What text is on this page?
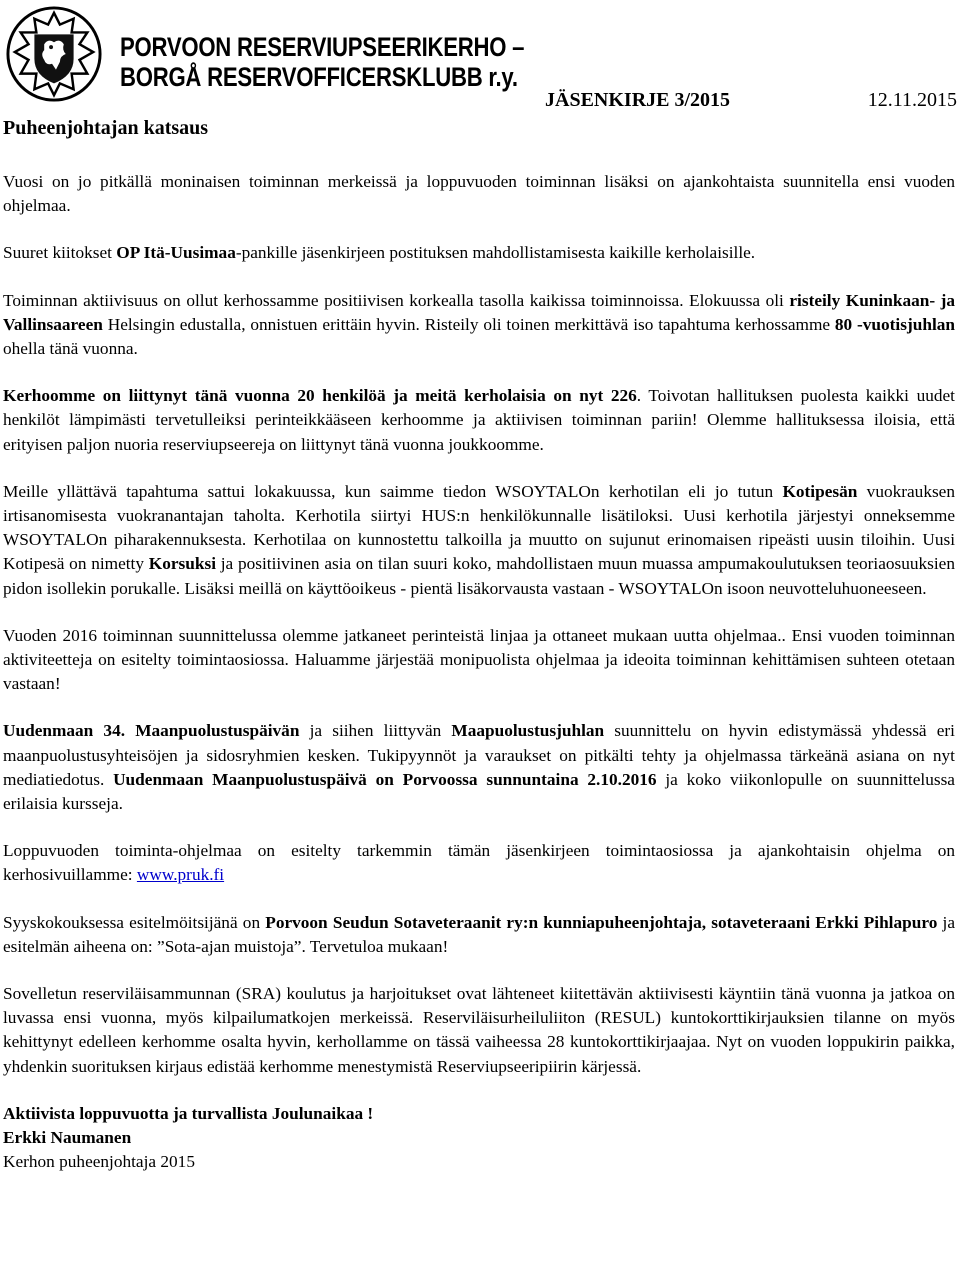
PORVOON RESERVIUPSEERIKERHO –
BORGÅ RESERVOFFICERSKLUBB r.y.
JÄSENKIRJE 3/2015	12.11.2015
Puheenjohtajan katsaus

Vuosi on jo pitkällä moninaisen toiminnan merkeissä ja loppuvuoden toiminnan lisäksi on ajankohtaista suunnitella ensi vuoden ohjelmaa.

Suuret kiitokset OP Itä-Uusimaa-pankille jäsenkirjeen postituksen mahdollistamisesta kaikille kerholaisille.

Toiminnan aktiivisuus on ollut kerhossamme positiivisen korkealla tasolla kaikissa toiminnoissa. Elokuussa oli risteily Kuninkaan- ja Vallinsaareen Helsingin edustalla, onnistuen erittäin hyvin. Risteily oli toinen merkittävä iso tapahtuma kerhossamme 80 -vuotisjuhlan ohella tänä vuonna.

Kerhoomme on liittynyt tänä vuonna 20 henkilöä ja meitä kerholaisia on nyt 226. Toivotan hallituksen puolesta kaikki uudet henkilöt lämpimästi tervetulleiksi perinteikkääseen kerhoomme ja aktiivisen toiminnan pariin! Olemme hallituksessa iloisia, että erityisen paljon nuoria reserviupseereja on liittynyt tänä vuonna joukkoomme.

Meille yllättävä tapahtuma sattui lokakuussa, kun saimme tiedon WSOYTALOn kerhotilan eli jo tutun Kotipesän vuokrauksen irtisanomisesta vuokranantajan taholta. Kerhotila siirtyi HUS:n henkilökunnalle lisätiloksi. Uusi kerhotila järjestyi onneksemme WSOYTALOn piharakennuksesta. Kerhotilaa on kunnostettu talkoilla ja muutto on sujunut erinomaisen ripeästi uusin tiloihin. Uusi Kotipesä on nimetty Korsuksi ja positiivinen asia on tilan suuri koko, mahdollistaen muun muassa ampumakoulutuksen teoriaosuuksien pidon isollekin porukalle. Lisäksi meillä on käyttöoikeus - pientä lisäkorvausta vastaan - WSOYTALOn isoon neuvotteluhuoneeseen.

Vuoden 2016 toiminnan suunnittelussa olemme jatkaneet perinteistä linjaa ja ottaneet mukaan uutta ohjelmaa.. Ensi vuoden toiminnan aktiviteetteja on esitelty toimintaosiossa. Haluamme järjestää monipuolista ohjelmaa ja ideoita toiminnan kehittämisen suhteen otetaan vastaan!

Uudenmaan 34. Maanpuolustuspäivän ja siihen liittyvän Maapuolustusjuhlan suunnittelu on hyvin edistymässä yhdessä eri maanpuolustusyhteisöjen ja sidosryhmien kesken. Tukipyynnöt ja varaukset on pitkälti tehty ja ohjelmassa tärkeänä asiana on nyt mediatiedotus. Uudenmaan Maanpuolustuspäivä on Porvoossa sunnuntaina 2.10.2016 ja koko viikonlopulle on suunnittelussa erilaisia kursseja.

Loppuvuoden toiminta-ohjelmaa on esitelty tarkemmin tämän jäsenkirjeen toimintaosiossa ja ajankohtaisin ohjelma on kerhosivuillamme: www.pruk.fi

Syyskokouksessa esitelmöitsijänä on Porvoon Seudun Sotaveteraanit ry:n kunniapuheenjohtaja, sotaveteraani Erkki Pihlapuro ja esitelmän aiheena on: ”Sota-ajan muistoja”. Tervetuloa mukaan!

Sovelletun reserviläisammunnan (SRA) koulutus ja harjoitukset ovat lähteneet kiitettävän aktiivisesti käyntiin tänä vuonna ja jatkoa on luvassa ensi vuonna, myös kilpailumatkojen merkeissä. Reserviläisurheiluliiton (RESUL) kuntokorttikirjauksien tilanne on myös kehittynyt edelleen kerhomme osalta hyvin, kerhollamme on tässä vaiheessa 28 kuntokorttikirjaajaa. Nyt on vuoden loppukirin paikka, yhdenkin suorituksen kirjaus edistää kerhomme menestymistä Reserviupseeripiirin kärjessä.

Aktiivista loppuvuotta ja turvallista Joulunaikaa !
Erkki Naumanen
Kerhon puheenjohtaja 2015
